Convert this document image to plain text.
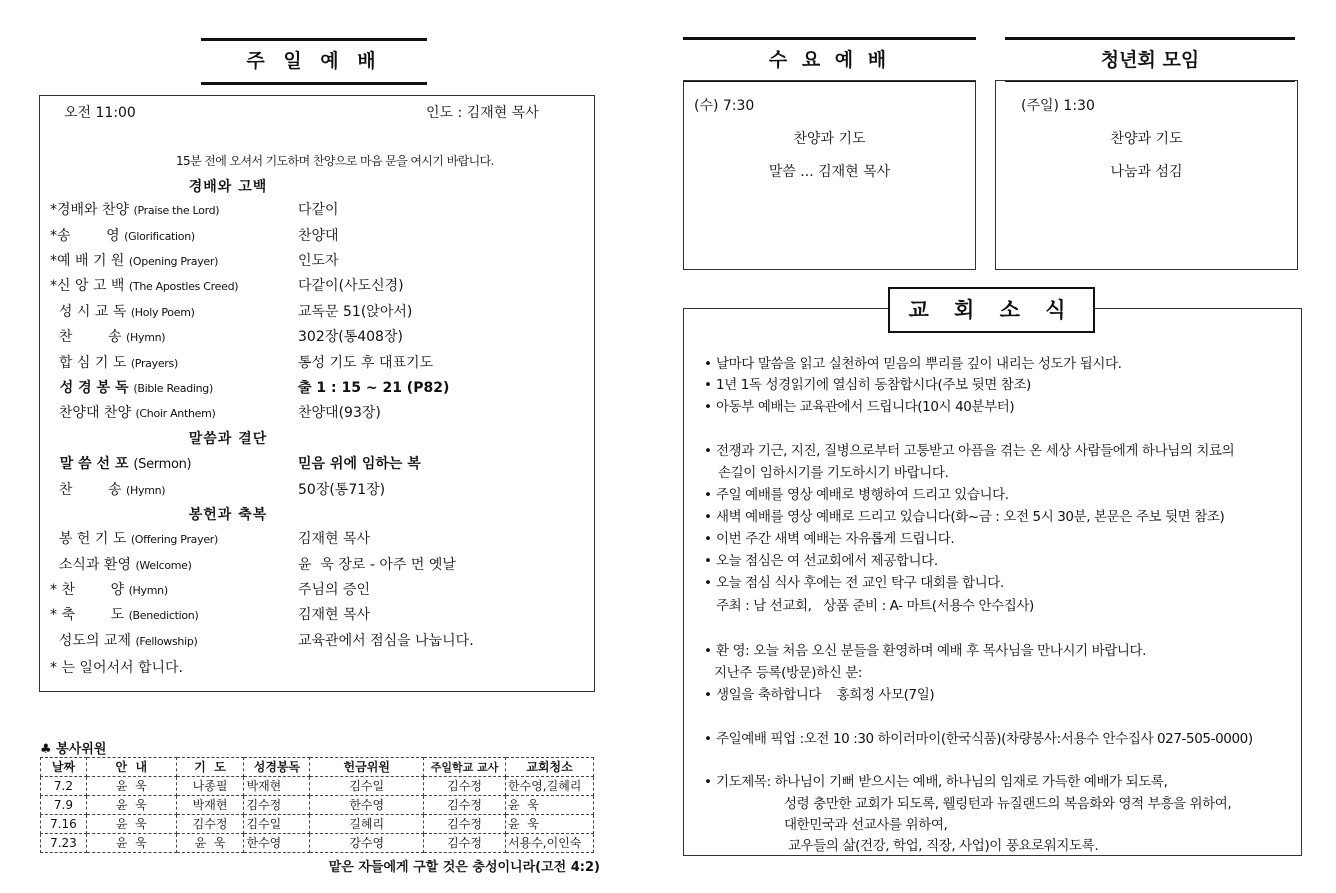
주 일 예 배
오전 11:00	인도 : 김재현 목사
15분 전에 오셔서 기도하며 찬양으로 마음 문을 여시기 바랍니다.
경배와 고백
*경배와 찬양 (Praise the Lord)	다같이
*송        영 (Glorification)	찬양대
*예 배 기 원 (Opening Prayer)	인도자
*신 앙 고 백 (The Apostles Creed)	다같이(사도신경)
성 시 교 독 (Holy Poem)	교독문 51(앉아서)
찬        송 (Hymn)	302장(통408장)
합 심 기 도 (Prayers)	통성 기도 후 대표기도
성 경 봉 독 (Bible Reading)	출 1 : 15 ~ 21 (P82)
찬양대 찬양 (Choir Anthem)	찬양대(93장)
말씀과 결단
말 씀 선 포 (Sermon)	믿음 위에 임하는 복
찬        송 (Hymn)	50장(통71장)
봉헌과 축복
봉 헌 기 도 (Offering Prayer)	김재현 목사
소식과 환영 (Welcome)	윤  욱 장로 - 아주 먼 옛날
* 찬        양 (Hymn)	주님의 증인
* 축        도 (Benediction)	김재현 목사
성도의 교제 (Fellowship)	교육관에서 점심을 나눕니다.
* 는 일어서서 합니다.
♣ 봉사위원
날짜	안  내	기  도	성경봉독	헌금위원	주일학교 교사	교회청소
7.2	윤  욱	나종필	박재현	김수일	김수정	한수영,길혜리
7.9	윤  욱	박재현	김수정	한수영	김수정	윤  욱
7.16	윤  욱	김수정	김수일	길혜리	김수정	윤  욱
7.23	윤  욱	윤  욱	한수영	강수영	김수정	서용수,이인숙
맡은 자들에게 구할 것은 충성이니라(고전 4:2)
수 요 예 배
(수) 7:30
찬양과 기도
말씀 ... 김재현 목사
청년회 모임
(주일) 1:30
찬양과 기도
나눔과 섬김
교 회 소 식
• 날마다 말씀을 읽고 실천하여 믿음의 뿌리를 깊이 내리는 성도가 됩시다.
• 1년 1독 성경읽기에 열심히 동참합시다(주보 뒷면 참조)
• 아동부 예배는 교육관에서 드립니다(10시 40분부터)
• 전쟁과 기근, 지진, 질병으로부터 고통받고 아픔을 겪는 온 세상 사람들에게 하나님의 치료의
손길이 임하시기를 기도하시기 바랍니다.
• 주일 예배를 영상 예배로 병행하여 드리고 있습니다.
• 새벽 예배를 영상 예배로 드리고 있습니다(화~금 : 오전 5시 30분, 본문은 주보 뒷면 참조)
• 이번 주간 새벽 예배는 자유롭게 드립니다.
• 오늘 점심은 여 선교회에서 제공합니다.
• 오늘 점심 식사 후에는 전 교인 탁구 대회를 합니다.
주최 : 남 선교회,   상품 준비 : A- 마트(서용수 안수집사)
• 환 영: 오늘 처음 오신 분들을 환영하며 예배 후 목사님을 만나시기 바랍니다.
지난주 등록(방문)하신 분:
• 생일을 축하합니다    홍희정 사모(7일)
• 주일예배 픽업 :오전 10 :30 하이러마이(한국식품)(차량봉사:서용수 안수집사 027-505-0000)
• 기도제목: 하나님이 기뻐 받으시는 예배, 하나님의 임재로 가득한 예배가 되도록,
성령 충만한 교회가 되도록, 웰링턴과 뉴질랜드의 복음화와 영적 부흥을 위하여,
대한민국과 선교사를 위하여,
교우들의 삶(건강, 학업, 직장, 사업)이 풍요로워지도록.
